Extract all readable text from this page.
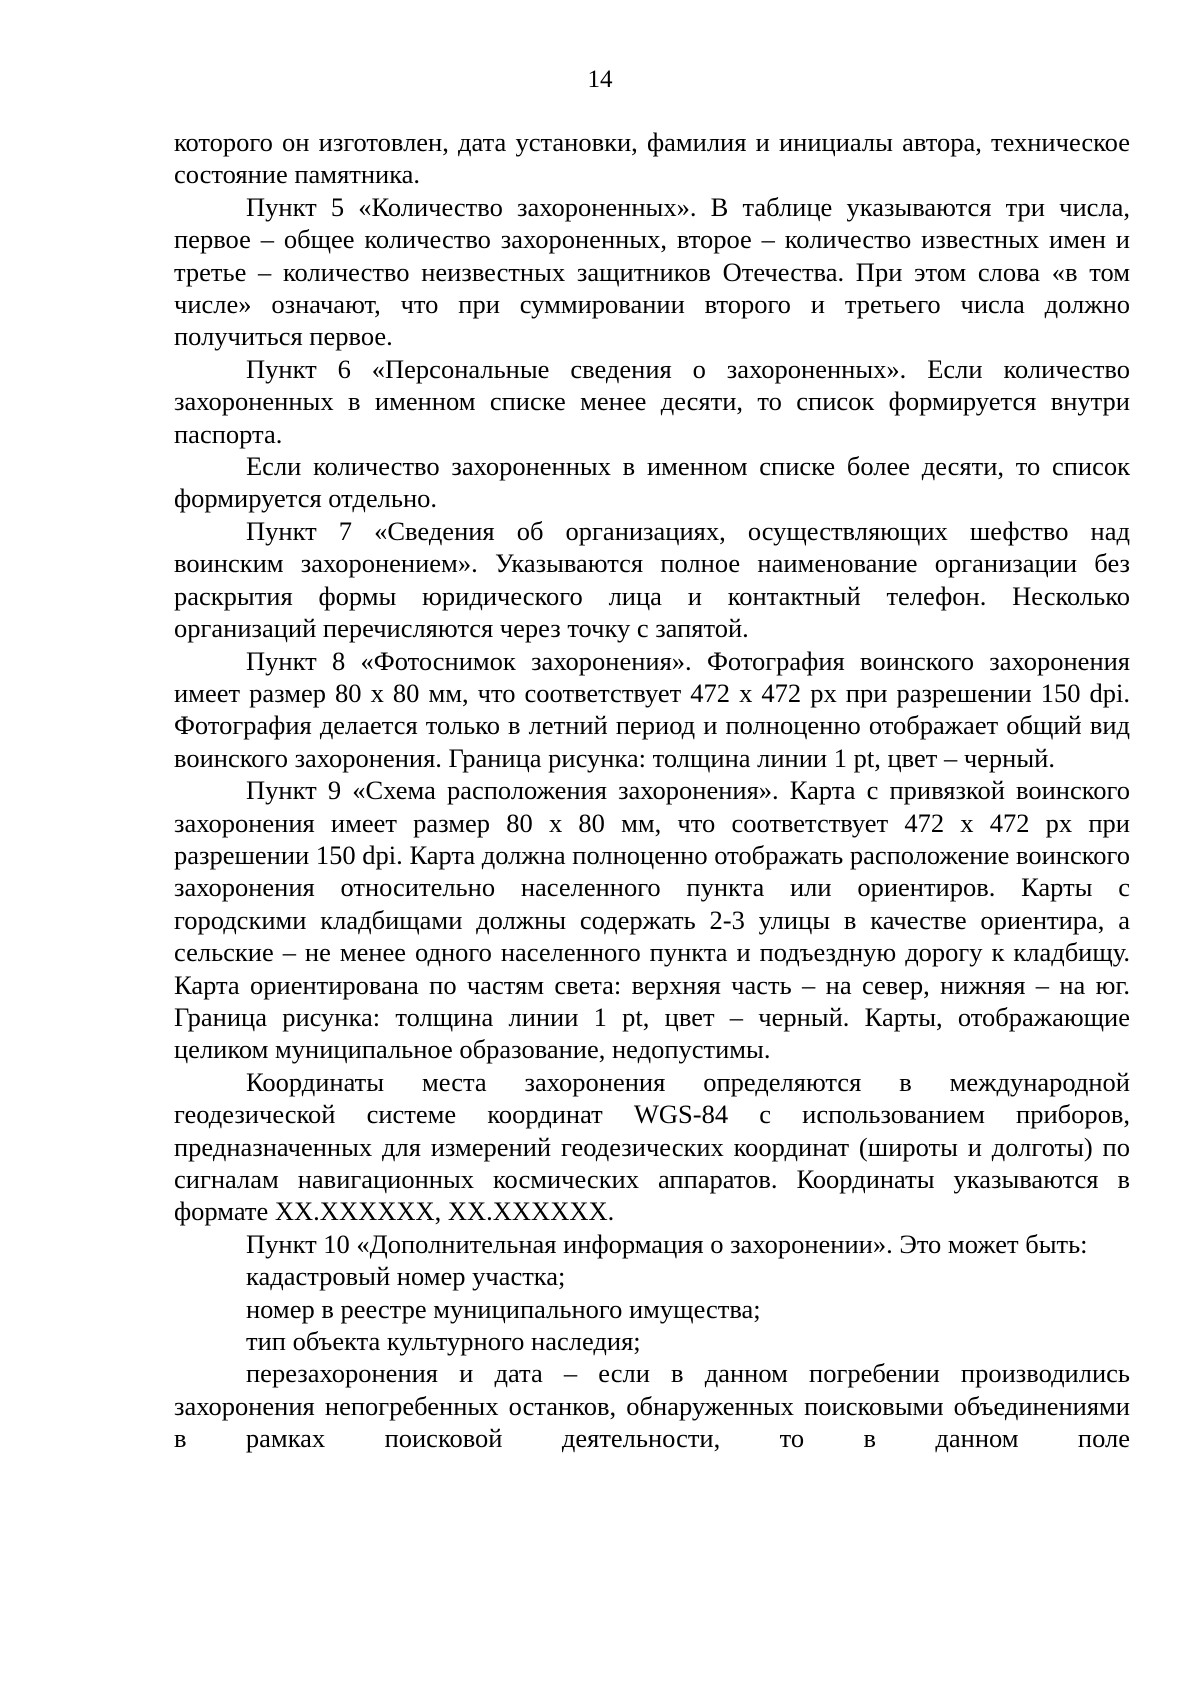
14

которого он изготовлен, дата установки, фамилия и инициалы автора, техническое состояние памятника.

Пункт 5 «Количество захороненных». В таблице указываются три числа, первое – общее количество захороненных, второе – количество известных имен и третье – количество неизвестных защитников Отечества. При этом слова «в том числе» означают, что при суммировании второго и третьего числа должно получиться первое.

Пункт 6 «Персональные сведения о захороненных». Если количество захороненных в именном списке менее десяти, то список формируется внутри паспорта.

Если количество захороненных в именном списке более десяти, то список формируется отдельно.

Пункт 7 «Сведения об организациях, осуществляющих шефство над воинским захоронением». Указываются полное наименование организации без раскрытия формы юридического лица и контактный телефон. Несколько организаций перечисляются через точку с запятой.

Пункт 8 «Фотоснимок захоронения». Фотография воинского захоронения имеет размер 80 х 80 мм, что соответствует 472 х 472 px при разрешении 150 dpi. Фотография делается только в летний период и полноценно отображает общий вид воинского захоронения. Граница рисунка: толщина линии 1 pt, цвет – черный.

Пункт 9 «Схема расположения захоронения». Карта с привязкой воинского захоронения имеет размер 80 х 80 мм, что соответствует 472 х 472 px при разрешении 150 dpi. Карта должна полноценно отображать расположение воинского захоронения относительно населенного пункта или ориентиров. Карты с городскими кладбищами должны содержать 2-3 улицы в качестве ориентира, а сельские – не менее одного населенного пункта и подъездную дорогу к кладбищу. Карта ориентирована по частям света: верхняя часть – на север, нижняя – на юг. Граница рисунка: толщина линии 1 pt, цвет – черный. Карты, отображающие целиком муниципальное образование, недопустимы.

Координаты места захоронения определяются в международной геодезической системе координат WGS-84 с использованием приборов, предназначенных для измерений геодезических координат (широты и долготы) по сигналам навигационных космических аппаратов. Координаты указываются в формате XX.XXXXXX, XX.XXXXXX.

Пункт 10 «Дополнительная информация о захоронении». Это может быть:

кадастровый номер участка;

номер в реестре муниципального имущества;

тип объекта культурного наследия;

перезахоронения и дата – если в данном погребении производились захоронения непогребенных останков, обнаруженных поисковыми объединениями в рамках поисковой деятельности, то в данном поле
